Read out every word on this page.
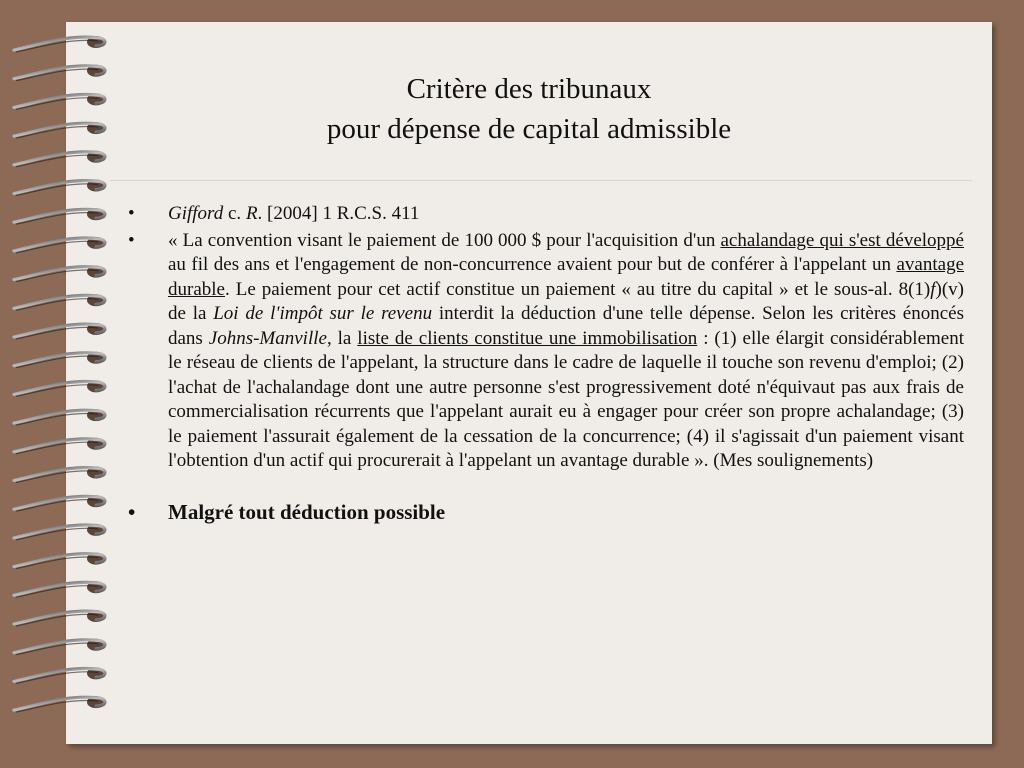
Critère des tribunaux
pour dépense de capital admissible
• Gifford c. R. [2004] 1 R.C.S. 411
• « La convention visant le paiement de 100 000 $ pour l'acquisition d'un achalandage qui s'est développé au fil des ans et l'engagement de non-concurrence avaient pour but de conférer à l'appelant un avantage durable. Le paiement pour cet actif constitue un paiement « au titre du capital » et le sous-al. 8(1)f)(v) de la Loi de l'impôt sur le revenu interdit la déduction d'une telle dépense. Selon les critères énoncés dans Johns-Manville, la liste de clients constitue une immobilisation : (1) elle élargit considérablement le réseau de clients de l'appelant, la structure dans le cadre de laquelle il touche son revenu d'emploi; (2) l'achat de l'achalandage dont une autre personne s'est progressivement doté n'équivaut pas aux frais de commercialisation récurrents que l'appelant aurait eu à engager pour créer son propre achalandage; (3) le paiement l'assurait également de la cessation de la concurrence; (4) il s'agissait d'un paiement visant l'obtention d'un actif qui procurerait à l'appelant un avantage durable ». (Mes soulignements)
• Malgré tout déduction possible
